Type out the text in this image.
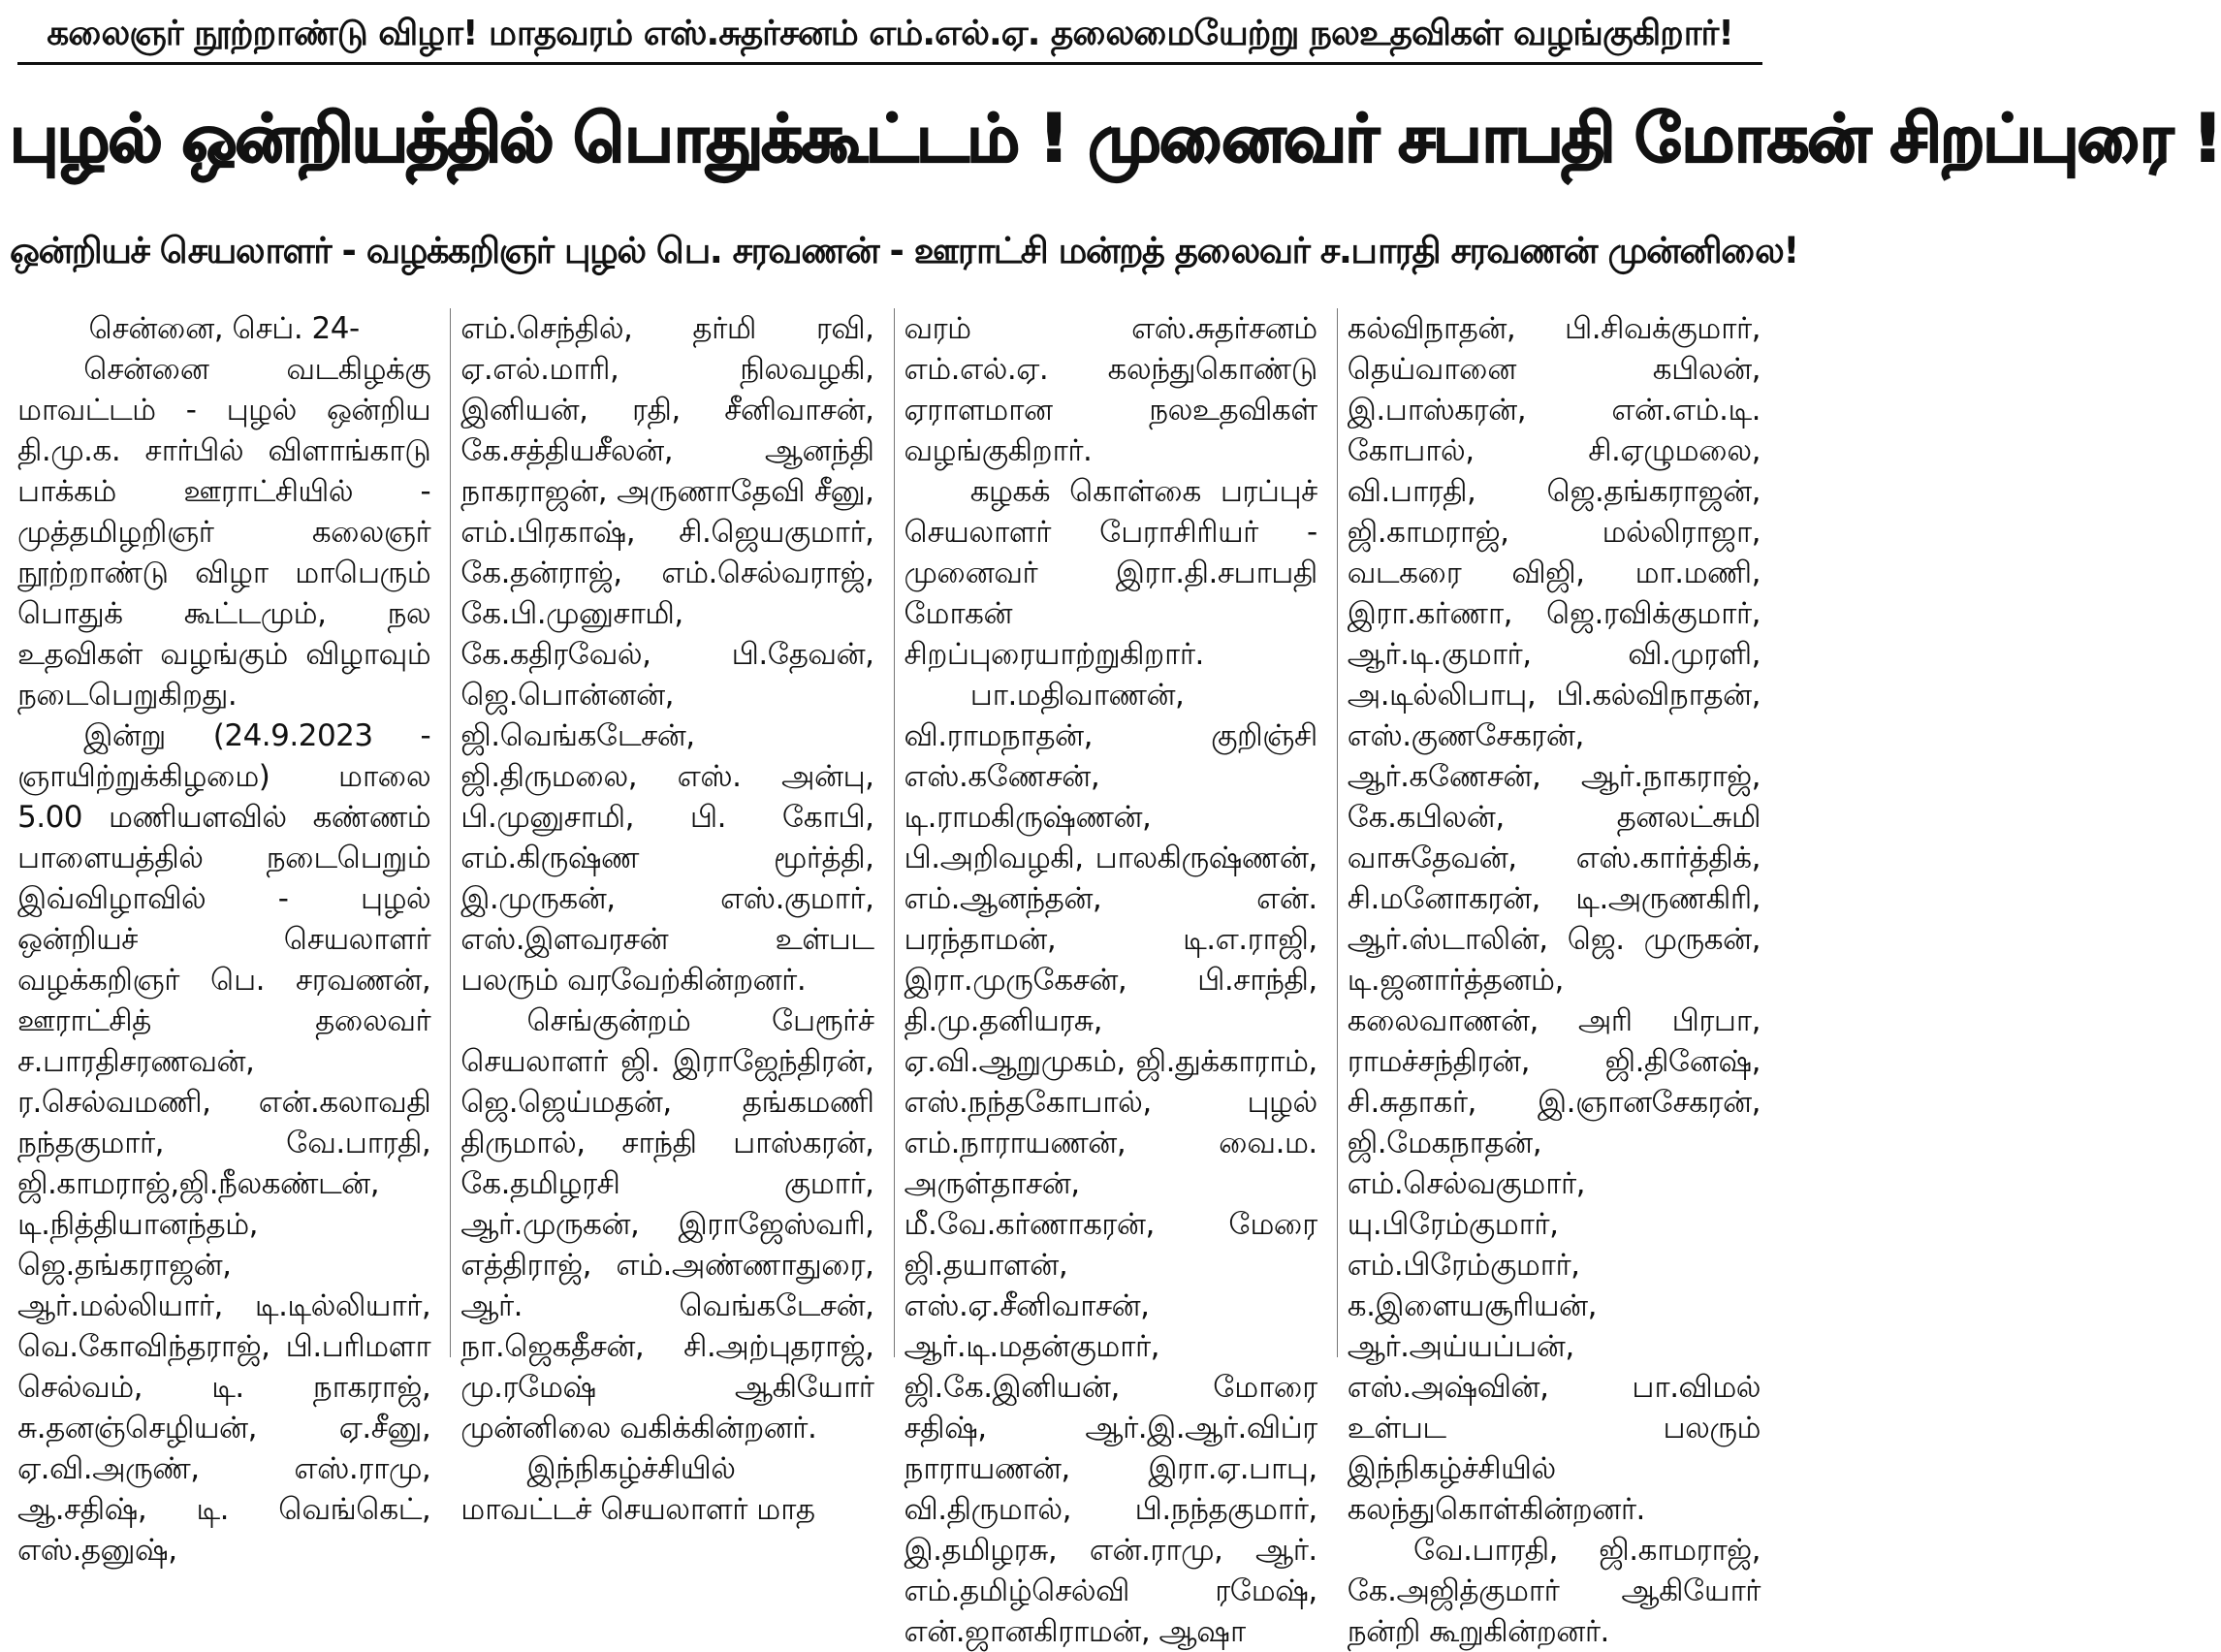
கலைஞர் நூற்றாண்டு விழா! மாதவரம் எஸ்.சுதர்சனம் எம்.எல்.ஏ. தலைமையேற்று நலஉதவிகள் வழங்குகிறார்!
புழல் ஒன்றியத்தில் பொதுக்கூட்டம் ! முனைவர் சபாபதி மோகன் சிறப்புரை !
ஒன்றியச் செயலாளர் - வழக்கறிஞர் புழல் பெ. சரவணன் - ஊராட்சி மன்றத் தலைவர் ச.பாரதி சரவணன் முன்னிலை!

சென்னை, செப். 24-

சென்னை வடகிழக்கு மாவட்டம் - புழல் ஒன்றிய தி.மு.க. சார்பில் விளாங்காடு பாக்கம் ஊராட்சியில் - முத்தமிழறிஞர் கலைஞர் நூற்றாண்டு விழா மாபெரும் பொதுக் கூட்டமும், நல உதவிகள் வழங்கும் விழாவும் நடைபெறுகிறது.

இன்று (24.9.2023 - ஞாயிற்றுக்கிழமை) மாலை 5.00 மணியளவில் கண்ணம் பாளையத்தில் நடைபெறும் இவ்விழாவில் - புழல் ஒன்றியச் செயலாளர் வழக்கறிஞர் பெ. சரவணன், ஊராட்சித் தலைவர் ச.பாரதிசரணவன், ர.செல்வமணி, என்.கலாவதி நந்தகுமார், வே.பாரதி, ஜி.காமராஜ்,ஜி.நீலகண்டன், டி.நித்தியானந்தம், ஜெ.தங்கராஜன், ஆர்.மல்லியார், டி.டில்லியார், வெ.கோவிந்தராஜ், பி.பரிமளா செல்வம், டி. நாகராஜ், சு.தனஞ்செழியன், ஏ.சீனு, ஏ.வி.அருண், எஸ்.ராமு, ஆ.சதிஷ், டி. வெங்கெட், எஸ்.தனுஷ்,

எம்.செந்தில், தர்மி ரவி, ஏ.எல்.மாரி, நிலவழகி, இனியன், ரதி, சீனிவாசன், கே.சத்தியசீலன், ஆனந்தி நாகராஜன், அருணாதேவி சீனு, எம்.பிரகாஷ், சி.ஜெயகுமார், கே.தன்ராஜ், எம்.செல்வராஜ், கே.பி.முனுசாமி, கே.கதிரவேல், பி.தேவன், ஜெ.பொன்னன், ஜி.வெங்கடேசன், ஜி.திருமலை, எஸ். அன்பு, பி.முனுசாமி, பி. கோபி, எம்.கிருஷ்ண மூர்த்தி, இ.முருகன், எஸ்.குமார், எஸ்.இளவரசன் உள்பட பலரும் வரவேற்கின்றனர்.

செங்குன்றம் பேரூர்ச் செயலாளர் ஜி. இராஜேந்திரன், ஜெ.ஜெய்மதன், தங்கமணி திருமால், சாந்தி பாஸ்கரன், கே.தமிழரசி குமார், ஆர்.முருகன், இராஜேஸ்வரி, எத்திராஜ், எம்.அண்ணாதுரை, ஆர். வெங்கடேசன், நா.ஜெகதீசன், சி.அற்புதராஜ், மு.ரமேஷ் ஆகியோர் முன்னிலை வகிக்கின்றனர்.

இந்நிகழ்ச்சியில் மாவட்டச் செயலாளர் மாத

வரம் எஸ்.சுதர்சனம் எம்.எல்.ஏ. கலந்துகொண்டு ஏராளமான நலஉதவிகள் வழங்குகிறார்.

கழகக் கொள்கை பரப்புச் செயலாளர் பேராசிரியர் - முனைவர் இரா.தி.சபாபதி மோகன் சிறப்புரையாற்றுகிறார்.

பா.மதிவாணன், வி.ராமநாதன், குறிஞ்சி எஸ்.கணேசன், டி.ராமகிருஷ்ணன், பி.அறிவழகி, பாலகிருஷ்ணன், எம்.ஆனந்தன், என். பரந்தாமன், டி.எ.ராஜி, இரா.முருகேசன், பி.சாந்தி, தி.மு.தனியரசு, ஏ.வி.ஆறுமுகம், ஜி.துக்காராம், எஸ்.நந்தகோபால், புழல் எம்.நாராயணன், வை.ம. அருள்தாசன், மீ.வே.கர்ணாகரன், மேரை ஜி.தயாளன், எஸ்.ஏ.சீனிவாசன், ஆர்.டி.மதன்குமார், ஜி.கே.இனியன், மோரை சதிஷ், ஆர்.இ.ஆர்.விப்ர நாராயணன், இரா.ஏ.பாபு, வி.திருமால், பி.நந்தகுமார், இ.தமிழரசு, என்.ராமு, ஆர். எம்.தமிழ்செல்வி ரமேஷ், என்.ஜானகிராமன், ஆஷா

கல்விநாதன், பி.சிவக்குமார், தெய்வானை கபிலன், இ.பாஸ்கரன், என்.எம்.டி. கோபால், சி.ஏழுமலை, வி.பாரதி, ஜெ.தங்கராஜன், ஜி.காமராஜ், மல்லிராஜா, வடகரை விஜி, மா.மணி, இரா.கர்ணா, ஜெ.ரவிக்குமார், ஆர்.டி.குமார், வி.முரளி, அ.டில்லிபாபு, பி.கல்விநாதன், எஸ்.குணசேகரன், ஆர்.கணேசன், ஆர்.நாகராஜ், கே.கபிலன், தனலட்சுமி வாசுதேவன், எஸ்.கார்த்திக், சி.மனோகரன், டி.அருணகிரி, ஆர்.ஸ்டாலின், ஜெ. முருகன், டி.ஜனார்த்தனம், கலைவாணன், அரி பிரபா, ராமச்சந்திரன், ஜி.தினேஷ், சி.சுதாகர், இ.ஞானசேகரன், ஜி.மேகநாதன், எம்.செல்வகுமார், யு.பிரேம்குமார், எம்.பிரேம்குமார், க.இளையசூரியன், ஆர்.அய்யப்பன், எஸ்.அஷ்வின், பா.விமல் உள்பட பலரும் இந்நிகழ்ச்சியில் கலந்துகொள்கின்றனர்.

வே.பாரதி, ஜி.காமராஜ், கே.அஜித்குமார் ஆகியோர் நன்றி கூறுகின்றனர்.
